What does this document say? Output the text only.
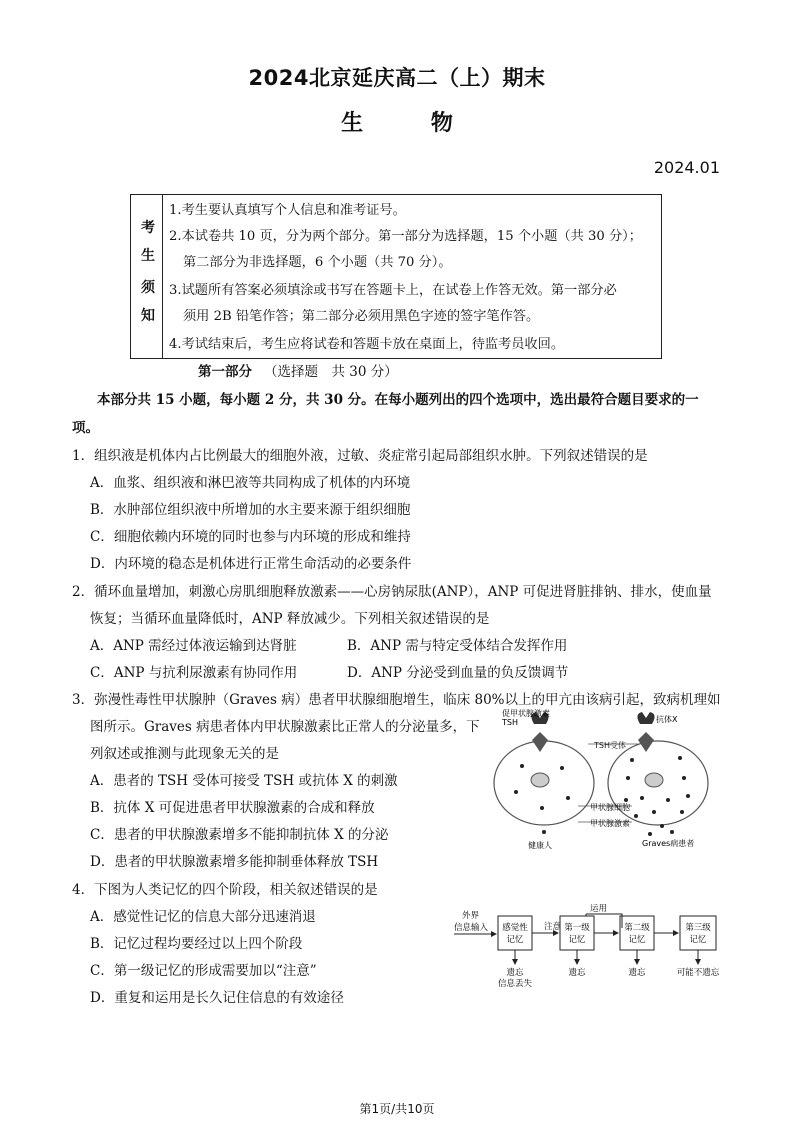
2024北京延庆高二（上）期末
生 物
2024.01
考
生
须
知
1.考生要认真填写个人信息和准考证号。
2.本试卷共 10 页，分为两个部分。第一部分为选择题，15 个小题（共 30 分）；
第二部分为非选择题，6 个小题（共 70 分）。
3.试题所有答案必须填涂或书写在答题卡上，在试卷上作答无效。第一部分必
须用 2B 铅笔作答；第二部分必须用黑色字迹的签字笔作答。
4.考试结束后，考生应将试卷和答题卡放在桌面上，待监考员收回。
第一部分 （选择题　共 30 分）
本部分共 15 小题，每小题 2 分，共 30 分。在每小题列出的四个选项中，选出最符合题目要求的一
项。
1．组织液是机体内占比例最大的细胞外液，过敏、炎症常引起局部组织水肿。下列叙述错误的是
A．血浆、组织液和淋巴液等共同构成了机体的内环境
B．水肿部位组织液中所增加的水主要来源于组织细胞
C．细胞依赖内环境的同时也参与内环境的形成和维持
D．内环境的稳态是机体进行正常生命活动的必要条件
2．循环血量增加，刺激心房肌细胞释放激素——心房钠尿肽(ANP），ANP 可促进肾脏排钠、排水，使血量
恢复；当循环血量降低时，ANP 释放减少。下列相关叙述错误的是
A．ANP 需经过体液运输到达肾脏	B．ANP 需与特定受体结合发挥作用
C．ANP 与抗利尿激素有协同作用	D．ANP 分泌受到血量的负反馈调节
3．弥漫性毒性甲状腺肿（Graves 病）患者甲状腺细胞增生，临床 80%以上的甲亢由该病引起，致病机理如
图所示。Graves 病患者体内甲状腺激素比正常人的分泌量多，下
列叙述或推测与此现象无关的是
A．患者的 TSH 受体可接受 TSH 或抗体 X 的刺激
B．抗体 X 可促进患者甲状腺激素的合成和释放
C．患者的甲状腺激素增多不能抑制抗体 X 的分泌
D．患者的甲状腺激素增多能抑制垂体释放 TSH
促甲状腺激素
TSH	抗体X
TSH受体
甲状腺细胞
甲状腺激素
健康人	Graves病患者
4．下图为人类记忆的四个阶段，相关叙述错误的是
A．感觉性记忆的信息大部分迅速消退
B．记忆过程均要经过以上四个阶段
C．第一级记忆的形成需要加以“注意”
D．重复和运用是长久记住信息的有效途径
外界
信息输入 感觉性
记忆
注意 第一级
记忆
运用
第二级
记忆
第三级
记忆
遗忘
信息丢失
遗忘	遗忘	可能不遗忘
第1页/共10页
